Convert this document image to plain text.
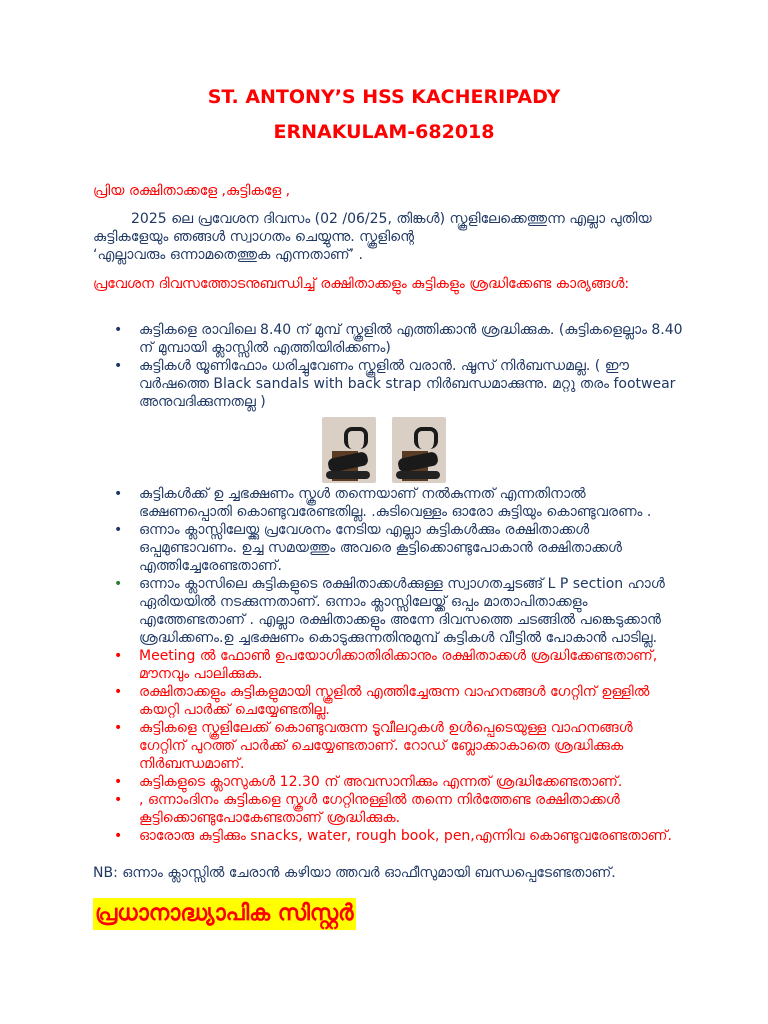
ST. ANTONY’S HSS KACHERIPADY
ERNAKULAM-682018
പ്രിയ രക്ഷിതാക്കളേ ,കുട്ടികളേ ,
2025 ലെ പ്രവേശന ദിവസം (02 /06/25, തിങ്കൾ) സ്കൂളിലേക്കെത്തുന്ന എല്ലാ പുതിയ കുട്ടികളേയും ഞങ്ങൾ സ്വാഗതം ചെയ്യുന്നു. സ്കൂളിന്റെ
‘എല്ലാവരും ഒന്നാമതെത്തുക എന്നതാണ്’ .
പ്രവേശന ദിവസത്തോടനുബന്ധിച്ച് രക്ഷിതാക്കളും കുട്ടികളും ശ്രദ്ധിക്കേണ്ട കാര്യങ്ങൾ:
• കുട്ടികളെ രാവിലെ 8.40 ന് മുമ്പ് സ്കൂളിൽ എത്തിക്കാൻ ശ്രദ്ധിക്കുക. (കുട്ടികളെല്ലാം 8.40 ന് മുമ്പായി ക്ലാസ്സിൽ എത്തിയിരിക്കണം)
• കുട്ടികൾ യൂണിഫോം ധരിച്ചുവേണം സ്കൂളിൽ വരാൻ. ഷൂസ് നിർബന്ധമല്ല. ( ഈ വർഷത്തെ Black sandals with back strap നിർബന്ധമാക്കുന്നു. മറ്റു തരം footwear അനുവദിക്കുന്നതല്ല )
• കുട്ടികൾക്ക് ഉ ച്ചഭക്ഷണം സ്കൂൾ തന്നെയാണ് നൽകുന്നത് എന്നതിനാൽ ഭക്ഷണപ്പൊതി കൊണ്ടുവരേണ്ടതില്ല. .കുടിവെള്ളം ഓരോ കുട്ടിയും കൊണ്ടുവരണം .
• ഒന്നാം ക്ലാസ്സിലേയ്ക്കു പ്രവേശനം നേടിയ എല്ലാ കുട്ടികൾക്കും രക്ഷിതാക്കൾ ഒപ്പമുണ്ടാവണം. ഉച്ച സമയത്തും അവരെ കൂട്ടിക്കൊണ്ടുപോകാൻ രക്ഷിതാക്കൾ എത്തിച്ചേരേണ്ടതാണ്.
• ഒന്നാം ക്ലാസിലെ കുട്ടികളുടെ രക്ഷിതാക്കൾക്കുള്ള സ്വാഗതച്ചടങ്ങ് L P section ഹാൾ ഏരിയയിൽ നടക്കുന്നതാണ്. ഒന്നാം ക്ലാസ്സിലേയ്ക്ക് ഒപ്പം മാതാപിതാക്കളും എത്തേണ്ടതാണ് . എല്ലാ രക്ഷിതാക്കളും അന്നേ ദിവസത്തെ ചടങ്ങിൽ പങ്കെടുക്കാൻ ശ്രദ്ധിക്കണം.ഉ ച്ചഭക്ഷണം കൊടുക്കുന്നതിനുമുമ്പ് കുട്ടികൾ വീട്ടിൽ പോകാൻ പാടില്ല.
• Meeting ൽ ഫോൺ ഉപയോഗിക്കാതിരിക്കാനും രക്ഷിതാക്കൾ ശ്രദ്ധിക്കേണ്ടതാണ്, മൗനവും പാലിക്കുക.
• രക്ഷിതാക്കളും കുട്ടികളുമായി സ്കൂളിൽ എത്തിച്ചേരുന്ന വാഹനങ്ങൾ ഗേറ്റിന് ഉള്ളിൽ കയറ്റി പാർക്ക് ചെയ്യേണ്ടതില്ല.
• കുട്ടികളെ സ്കൂളിലേക്ക് കൊണ്ടുവരുന്ന ടൂവീലറുകൾ ഉൾപ്പെടെയുള്ള വാഹനങ്ങൾ ഗേറ്റിന് പുറത്ത് പാർക്ക് ചെയ്യേണ്ടതാണ്. റോഡ് ബ്ലോക്കാകാതെ ശ്രദ്ധിക്കുക നിർബന്ധമാണ്.
• കുട്ടികളുടെ ക്ലാസുകൾ 12.30 ന് അവസാനിക്കും എന്നത് ശ്രദ്ധിക്കേണ്ടതാണ്.
• , ഒന്നാംദിനം കുട്ടികളെ സ്കൂൾ ഗേറ്റിനുള്ളിൽ തന്നെ നിർത്തേണ്ട രക്ഷിതാക്കൾ കൂട്ടിക്കൊണ്ടുപോകേണ്ടതാണ് ശ്രദ്ധിക്കുക.
• ഓരോരു കുട്ടിക്കും snacks, water, rough book, pen,എന്നിവ കൊണ്ടുവരേണ്ടതാണ്.
NB: ഒന്നാം ക്ലാസ്സിൽ ചേരാൻ കഴിയാ ത്തവർ ഓഫീസുമായി ബന്ധപ്പെടേണ്ടതാണ്.
പ്രധാനാദ്ധ്യാപിക സിസ്റ്റർ
